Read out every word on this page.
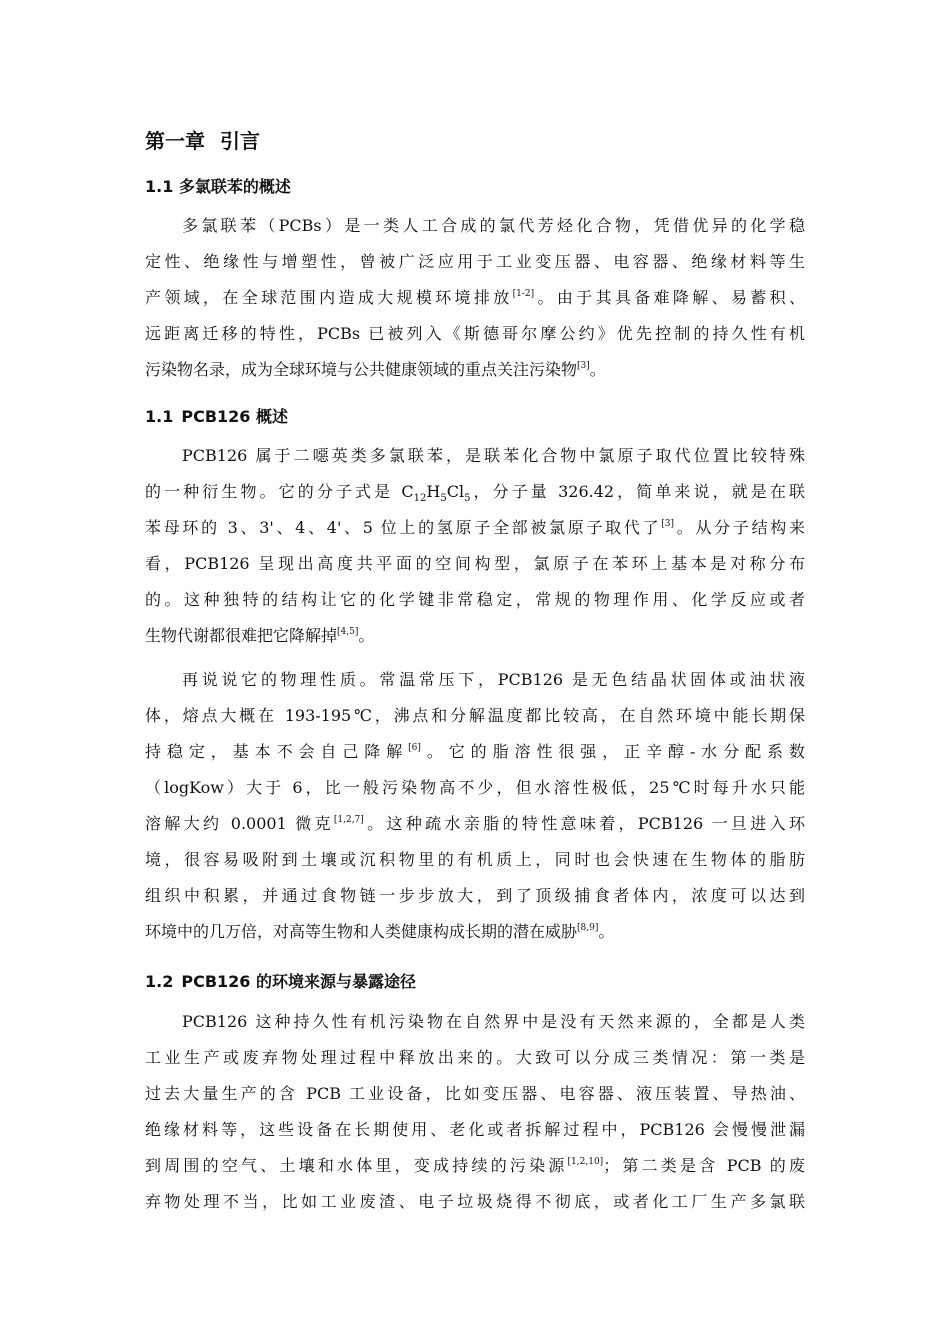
第一章 引言
1.1 多氯联苯的概述
多氯联苯（PCBs）是一类人工合成的氯代芳烃化合物，凭借优异的化学稳
定性、绝缘性与增塑性，曾被广泛应用于工业变压器、电容器、绝缘材料等生
产领域，在全球范围内造成大规模环境排放[1-2]。由于其具备难降解、易蓄积、
远距离迁移的特性，PCBs 已被列入《斯德哥尔摩公约》优先控制的持久性有机
污染物名录，成为全球环境与公共健康领域的重点关注污染物[3]。
1.1 PCB126 概述
PCB126 属于二噁英类多氯联苯，是联苯化合物中氯原子取代位置比较特殊
的一种衍生物。它的分子式是 $C_{12}H_5Cl_5$，分子量 326.42，简单来说，就是在联
苯母环的 3、3'、4、4'、5 位上的氢原子全部被氯原子取代了[3]。从分子结构来
看，PCB126 呈现出高度共平面的空间构型，氯原子在苯环上基本是对称分布
的。这种独特的结构让它的化学键非常稳定，常规的物理作用、化学反应或者
生物代谢都很难把它降解掉[4,5]。
再说说它的物理性质。常温常压下，PCB126 是无色结晶状固体或油状液
体，熔点大概在 193-195℃，沸点和分解温度都比较高，在自然环境中能长期保
持稳定，基本不会自己降解[6]。它的脂溶性很强，正辛醇-水分配系数
（logKow）大于 6，比一般污染物高不少，但水溶性极低，25℃时每升水只能
溶解大约 0.0001 微克[1,2,7]。这种疏水亲脂的特性意味着，PCB126 一旦进入环
境，很容易吸附到土壤或沉积物里的有机质上，同时也会快速在生物体的脂肪
组织中积累，并通过食物链一步步放大，到了顶级捕食者体内，浓度可以达到
环境中的几万倍，对高等生物和人类健康构成长期的潜在威胁[8,9]。
1.2 PCB126 的环境来源与暴露途径
PCB126 这种持久性有机污染物在自然界中是没有天然来源的，全都是人类
工业生产或废弃物处理过程中释放出来的。大致可以分成三类情况：第一类是
过去大量生产的含 PCB 工业设备，比如变压器、电容器、液压装置、导热油、
绝缘材料等，这些设备在长期使用、老化或者拆解过程中，PCB126 会慢慢泄漏
到周围的空气、土壤和水体里，变成持续的污染源[1,2,10]；第二类是含 PCB 的废
弃物处理不当，比如工业废渣、电子垃圾烧得不彻底，或者化工厂生产多氯联
